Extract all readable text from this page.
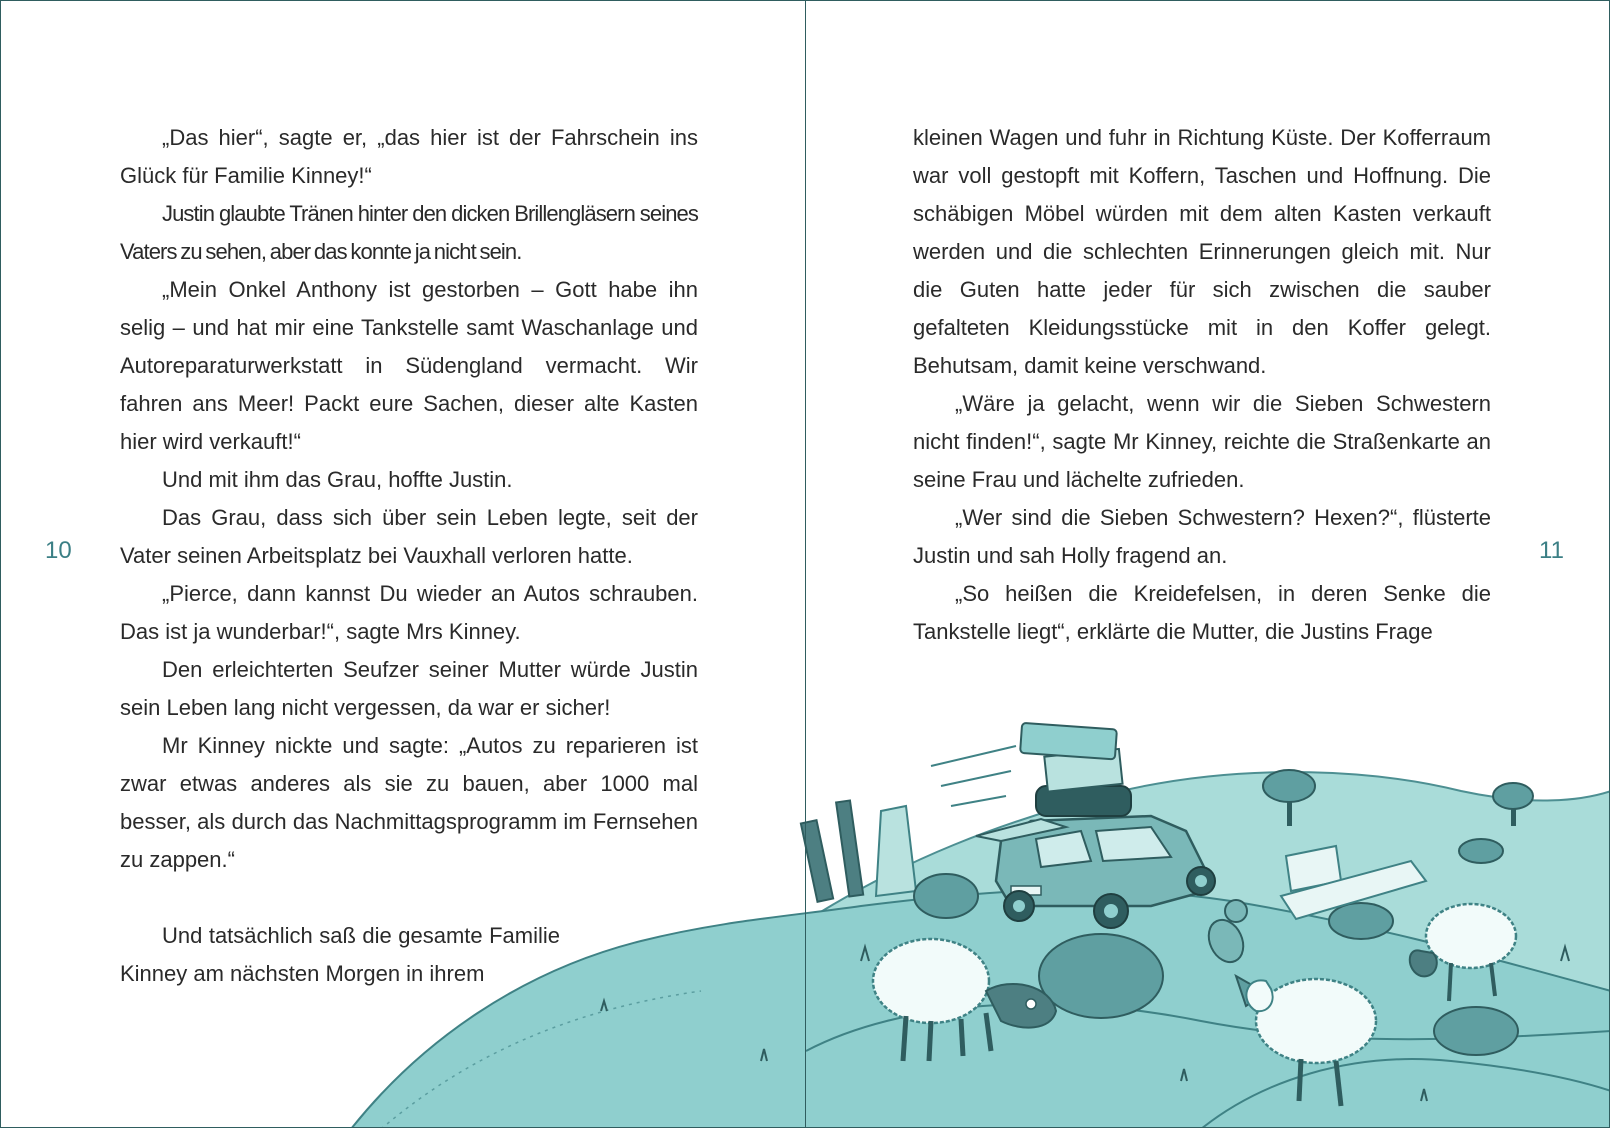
10	11

„Das hier“, sagte er, „das hier ist der Fahrschein ins Glück für Familie Kinney!“

Justin glaubte Tränen hinter den dicken Brillengläsern seines Vaters zu sehen, aber das konnte ja nicht sein.

„Mein Onkel Anthony ist gestorben – Gott habe ihn selig – und hat mir eine Tankstelle samt Waschanlage und Autoreparaturwerkstatt in Südengland vermacht. Wir fahren ans Meer! Packt eure Sachen, dieser alte Kasten hier wird verkauft!“

Und mit ihm das Grau, hoffte Justin.

Das Grau, dass sich über sein Leben legte, seit der Vater seinen Arbeitsplatz bei Vauxhall verloren hatte.

„Pierce, dann kannst Du wieder an Autos schrauben. Das ist ja wunderbar!“, sagte Mrs Kinney.

Den erleichterten Seufzer seiner Mutter würde Justin sein Leben lang nicht vergessen, da war er sicher!

Mr Kinney nickte und sagte: „Autos zu reparieren ist zwar etwas anderes als sie zu bauen, aber 1000 mal besser, als durch das Nachmittagsprogramm im Fernsehen zu zappen.“

Und tatsächlich saß die gesamte Familie Kinney am nächsten Morgen in ihrem

kleinen Wagen und fuhr in Richtung Küste. Der Kofferraum war voll gestopft mit Koffern, Taschen und Hoffnung. Die schäbigen Möbel würden mit dem alten Kasten verkauft werden und die schlechten Erinnerungen gleich mit. Nur die Guten hatte jeder für sich zwischen die sauber gefalteten Kleidungsstücke mit in den Koffer gelegt. Behutsam, damit keine verschwand.

„Wäre ja gelacht, wenn wir die Sieben Schwestern nicht finden!“, sagte Mr Kinney, reichte die Straßenkarte an seine Frau und lächelte zufrieden.

„Wer sind die Sieben Schwestern? Hexen?“, flüsterte Justin und sah Holly fragend an.

„So heißen die Kreidefelsen, in deren Senke die Tankstelle liegt“, erklärte die Mutter, die Justins Frage
